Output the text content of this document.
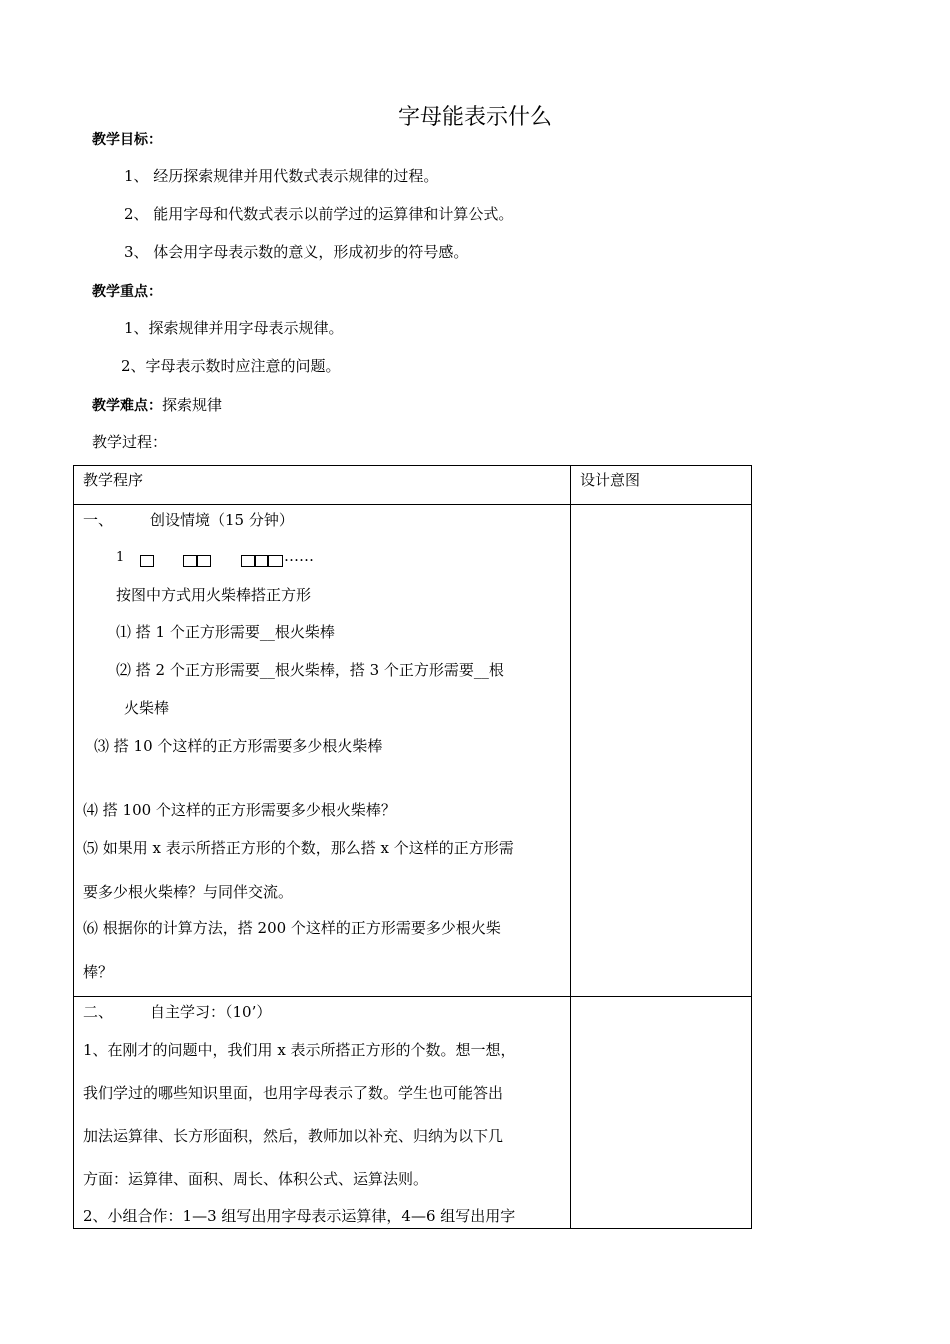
字母能表示什么
教学目标：
1、 经历探索规律并用代数式表示规律的过程。
2、 能用字母和代数式表示以前学过的运算律和计算公式。
3、 体会用字母表示数的意义，形成初步的符号感。
教学重点：
1、探索规律并用字母表示规律。
2、字母表示数时应注意的问题。
教学难点：探索规律
教学过程：
教学程序	设计意图
一、 创设情境（15 分钟）
1	……
按图中方式用火柴棒搭正方形
⑴ 搭 1 个正方形需要__根火柴棒
⑵ 搭 2 个正方形需要__根火柴棒，搭 3 个正方形需要__根
火柴棒
⑶ 搭 10 个这样的正方形需要多少根火柴棒
⑷ 搭 100 个这样的正方形需要多少根火柴棒？
⑸ 如果用 x 表示所搭正方形的个数，那么搭 x 个这样的正方形需
要多少根火柴棒？与同伴交流。
⑹ 根据你的计算方法，搭 200 个这样的正方形需要多少根火柴
棒？
二、 自主学习：（10’）
1、在刚才的问题中，我们用 x 表示所搭正方形的个数。想一想，
我们学过的哪些知识里面，也用字母表示了数。学生也可能答出
加法运算律、长方形面积，然后，教师加以补充、归纳为以下几
方面：运算律、面积、周长、体积公式、运算法则。
2、小组合作：1—3 组写出用字母表示运算律，4—6 组写出用字
